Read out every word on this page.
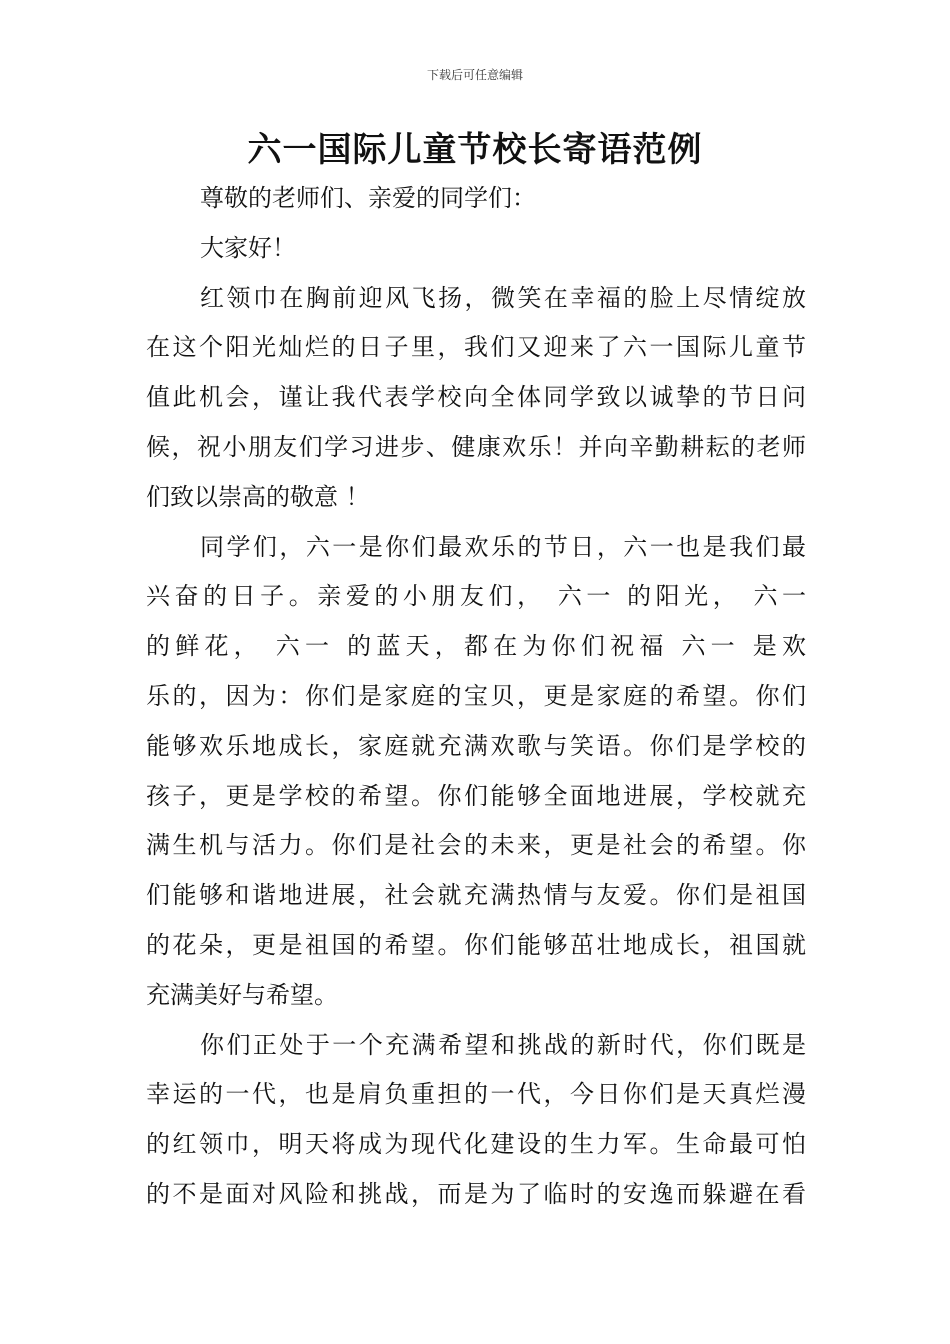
下载后可任意编辑
六一国际儿童节校长寄语范例
尊敬的老师们、亲爱的同学们：
大家好！
红领巾在胸前迎风飞扬，微笑在幸福的脸上尽情绽放
在这个阳光灿烂的日子里，我们又迎来了六一国际儿童节
值此机会，谨让我代表学校向全体同学致以诚挚的节日问
候，祝小朋友们学习进步、健康欢乐！并向辛勤耕耘的老师
们致以崇高的敬意 ！
同学们，六一是你们最欢乐的节日，六一也是我们最
兴奋的日子。亲爱的小朋友们， 六一 的阳光， 六一
的鲜花， 六一 的蓝天，都在为你们祝福 六一 是欢
乐的，因为：你们是家庭的宝贝，更是家庭的希望。你们
能够欢乐地成长，家庭就充满欢歌与笑语。你们是学校的
孩子，更是学校的希望。你们能够全面地进展，学校就充
满生机与活力。你们是社会的未来，更是社会的希望。你
们能够和谐地进展，社会就充满热情与友爱。你们是祖国
的花朵，更是祖国的希望。你们能够茁壮地成长，祖国就
充满美好与希望。
你们正处于一个充满希望和挑战的新时代，你们既是
幸运的一代，也是肩负重担的一代，今日你们是天真烂漫
的红领巾，明天将成为现代化建设的生力军。生命最可怕
的不是面对风险和挑战，而是为了临时的安逸而躲避在看
